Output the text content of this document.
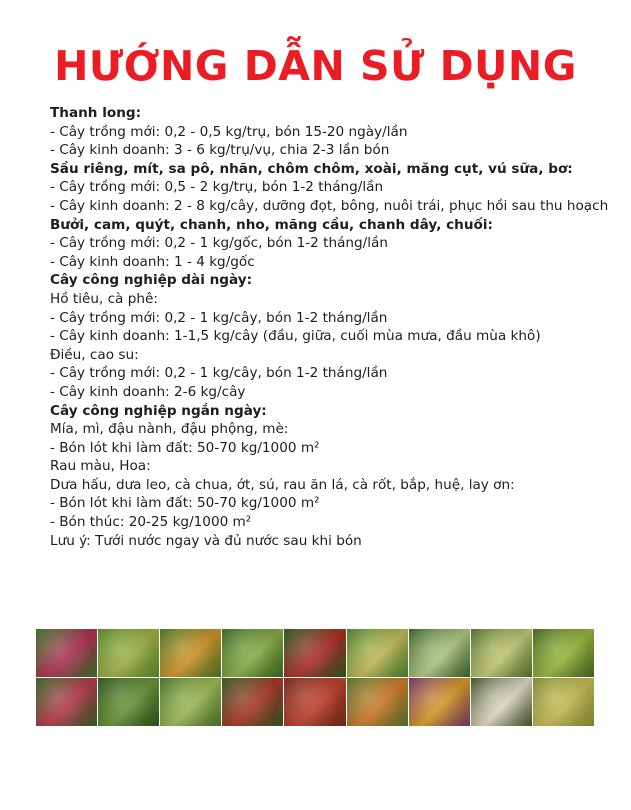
HƯỚNG DẪN SỬ DỤNG
Thanh long:
- Cây trồng mới: 0,2 - 0,5 kg/trụ, bón 15-20 ngày/lần
- Cây kinh doanh: 3 - 6 kg/trụ/vụ, chia 2-3 lần bón
Sầu riêng, mít, sa pô, nhãn, chôm chôm, xoài, măng cụt, vú sữa, bơ:
- Cây trồng mới: 0,5 - 2 kg/trụ, bón 1-2 tháng/lần
- Cây kinh doanh: 2 - 8 kg/cây, dưỡng đọt, bông, nuôi trái, phục hồi sau thu hoạch
Bưởi, cam, quýt, chanh, nho, mãng cầu, chanh dây, chuối:
- Cây trồng mới: 0,2 - 1 kg/gốc, bón 1-2 tháng/lần
- Cây kinh doanh: 1 - 4 kg/gốc
Cây công nghiệp dài ngày:
Hồ tiêu, cà phê:
- Cây trồng mới: 0,2 - 1 kg/cây, bón 1-2 tháng/lần
- Cây kinh doanh: 1-1,5 kg/cây (đầu, giữa, cuối mùa mưa, đầu mùa khô)
Điều, cao su:
- Cây trồng mới: 0,2 - 1 kg/cây, bón 1-2 tháng/lần
- Cây kinh doanh: 2-6 kg/cây
Cây công nghiệp ngắn ngày:
Mía, mì, đậu nành, đậu phộng, mè:
- Bón lót khi làm đất: 50-70 kg/1000 m²
Rau màu, Hoa:
Dưa hấu, dưa leo, cà chua, ớt, sú, rau ăn lá, cà rốt, bắp, huệ, lay ơn:
- Bón lót khi làm đất: 50-70 kg/1000 m²
- Bón thúc: 20-25 kg/1000 m²
Lưu ý: Tưới nước ngay và đủ nước sau khi bón
